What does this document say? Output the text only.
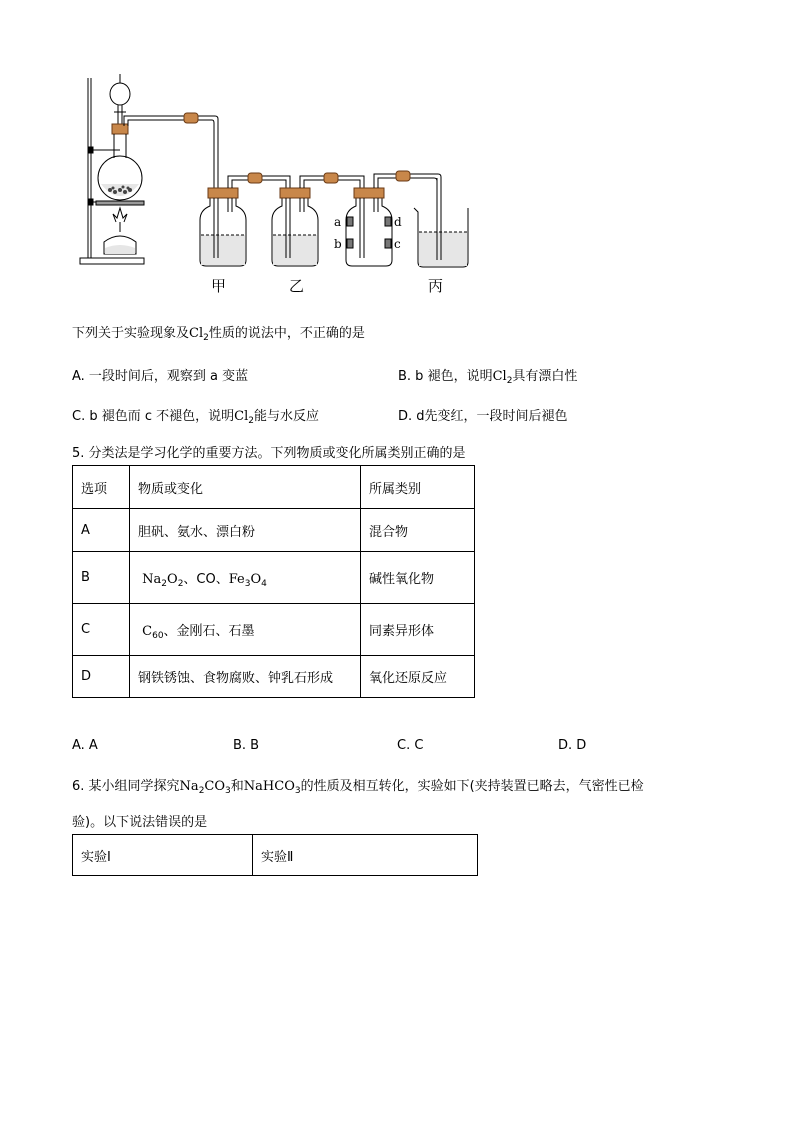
a
b
d
c
甲	乙	丙
下列关于实验现象及$Cl_2$性质的说法中，不正确的是
A. 一段时间后，观察到 a 变蓝	B. b 褪色，说明$Cl_2$具有漂白性
C. b 褪色而 c 不褪色，说明$Cl_2$能与水反应	D. d先变红，一段时间后褪色
5. 分类法是学习化学的重要方法。下列物质或变化所属类别正确的是
选项	物质或变化	所属类别
A	胆矾、氨水、漂白粉	混合物
B	$Na_2O_2$、CO、$Fe_3O_4$	碱性氧化物
C	$C_{60}$、金刚石、石墨	同素异形体
D	钢铁锈蚀、食物腐败、钟乳石形成	氧化还原反应
A. A	B. B	C. C	D. D
6. 某小组同学探究$Na_2CO_3$和NaHCO$_3$的性质及相互转化，实验如下(夹持装置已略去，气密性已检
验)。以下说法错误的是
实验Ⅰ	实验Ⅱ
